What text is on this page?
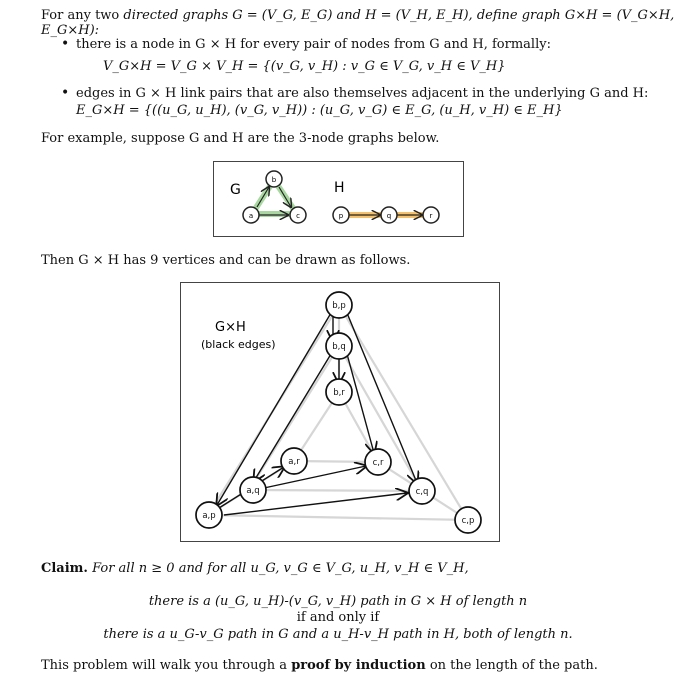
For any two directed graphs G = (V_G, E_G) and H = (V_H, E_H), define graph G×H = (V_G×H, E_G×H):
• there is a node in G × H for every pair of nodes from G and H, formally:
V_G×H = V_G × V_H = {(v_G, v_H) : v_G ∈ V_G, v_H ∈ V_H}
• edges in G × H link pairs that are also themselves adjacent in the underlying G and H:
E_G×H = {((u_G, u_H), (v_G, v_H)) : (u_G, v_G) ∈ E_G, (u_H, v_H) ∈ E_H}
For example, suppose G and H are the 3-node graphs below.
b
a	c
G
p	q	r
H
Then G × H has 9 vertices and can be drawn as follows.
b,p
b,q
b,r
a,r	c,r
a,q	c,q
a,p	c,p
G×H
(black edges)
Claim. For all n ≥ 0 and for all u_G, v_G ∈ V_G, u_H, v_H ∈ V_H,
there is a (u_G, u_H)-(v_G, v_H) path in G × H of length n
if and only if
there is a u_G-v_G path in G and a u_H-v_H path in H, both of length n.
This problem will walk you through a proof by induction on the length of the path.
